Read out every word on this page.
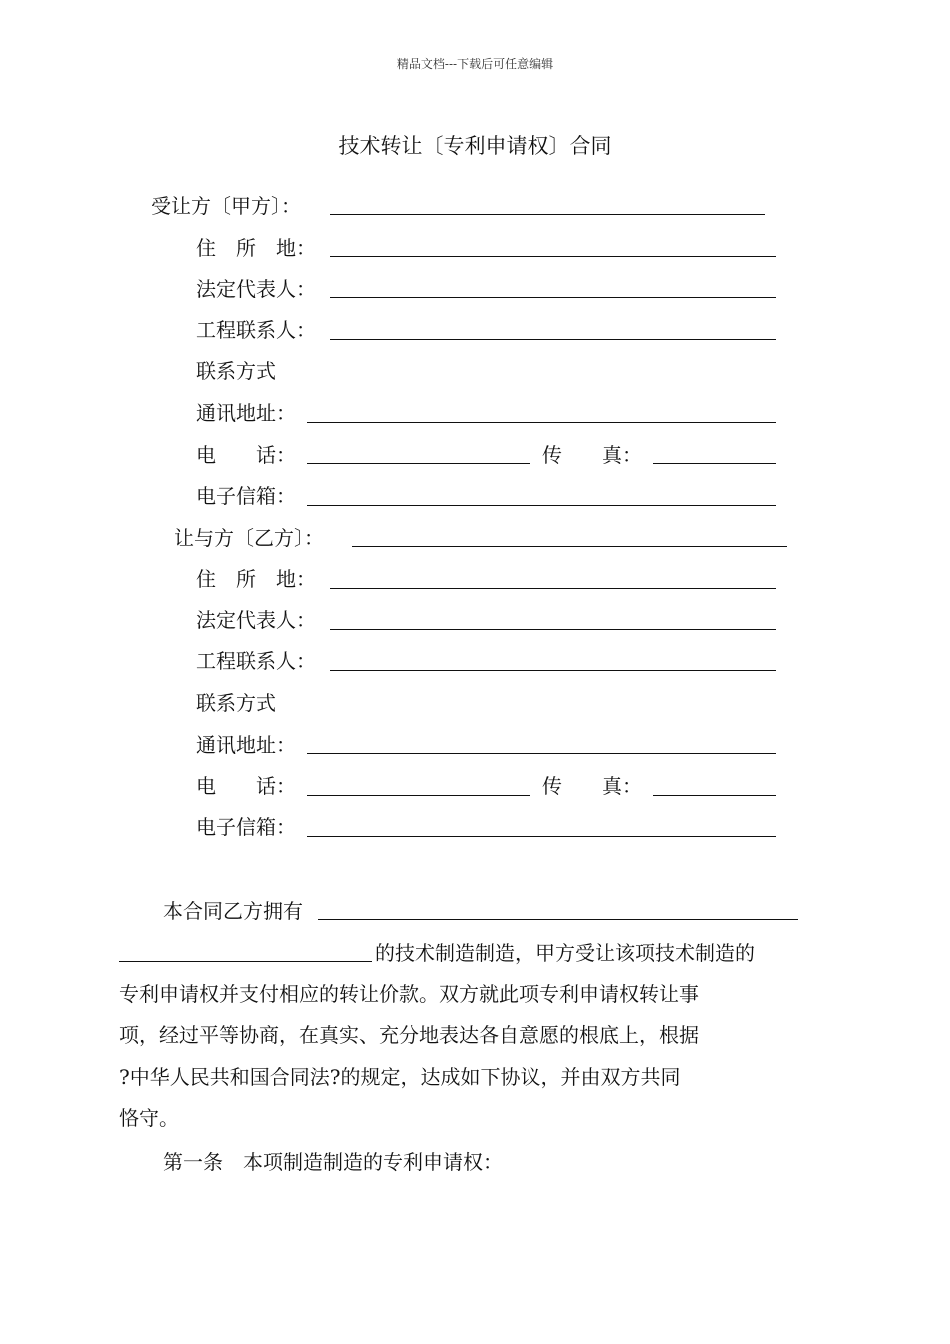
精品文档---下载后可任意编辑
技术转让〔专利申请权〕合同
受让方〔甲方〕：
住　所　地：
法定代表人：
工程联系人：
联系方式
通讯地址：
电　　话：	传　　真：
电子信箱：
让与方〔乙方〕：
住　所　地：
法定代表人：
工程联系人：
联系方式
通讯地址：
电　　话：	传　　真：
电子信箱：
本合同乙方拥有
的技术制造制造，甲方受让该项技术制造的
专利申请权并支付相应的转让价款。双方就此项专利申请权转让事
项，经过平等协商，在真实、充分地表达各自意愿的根底上，根据
?中华人民共和国合同法?的规定，达成如下协议，并由双方共同
恪守。
第一条　本项制造制造的专利申请权：
